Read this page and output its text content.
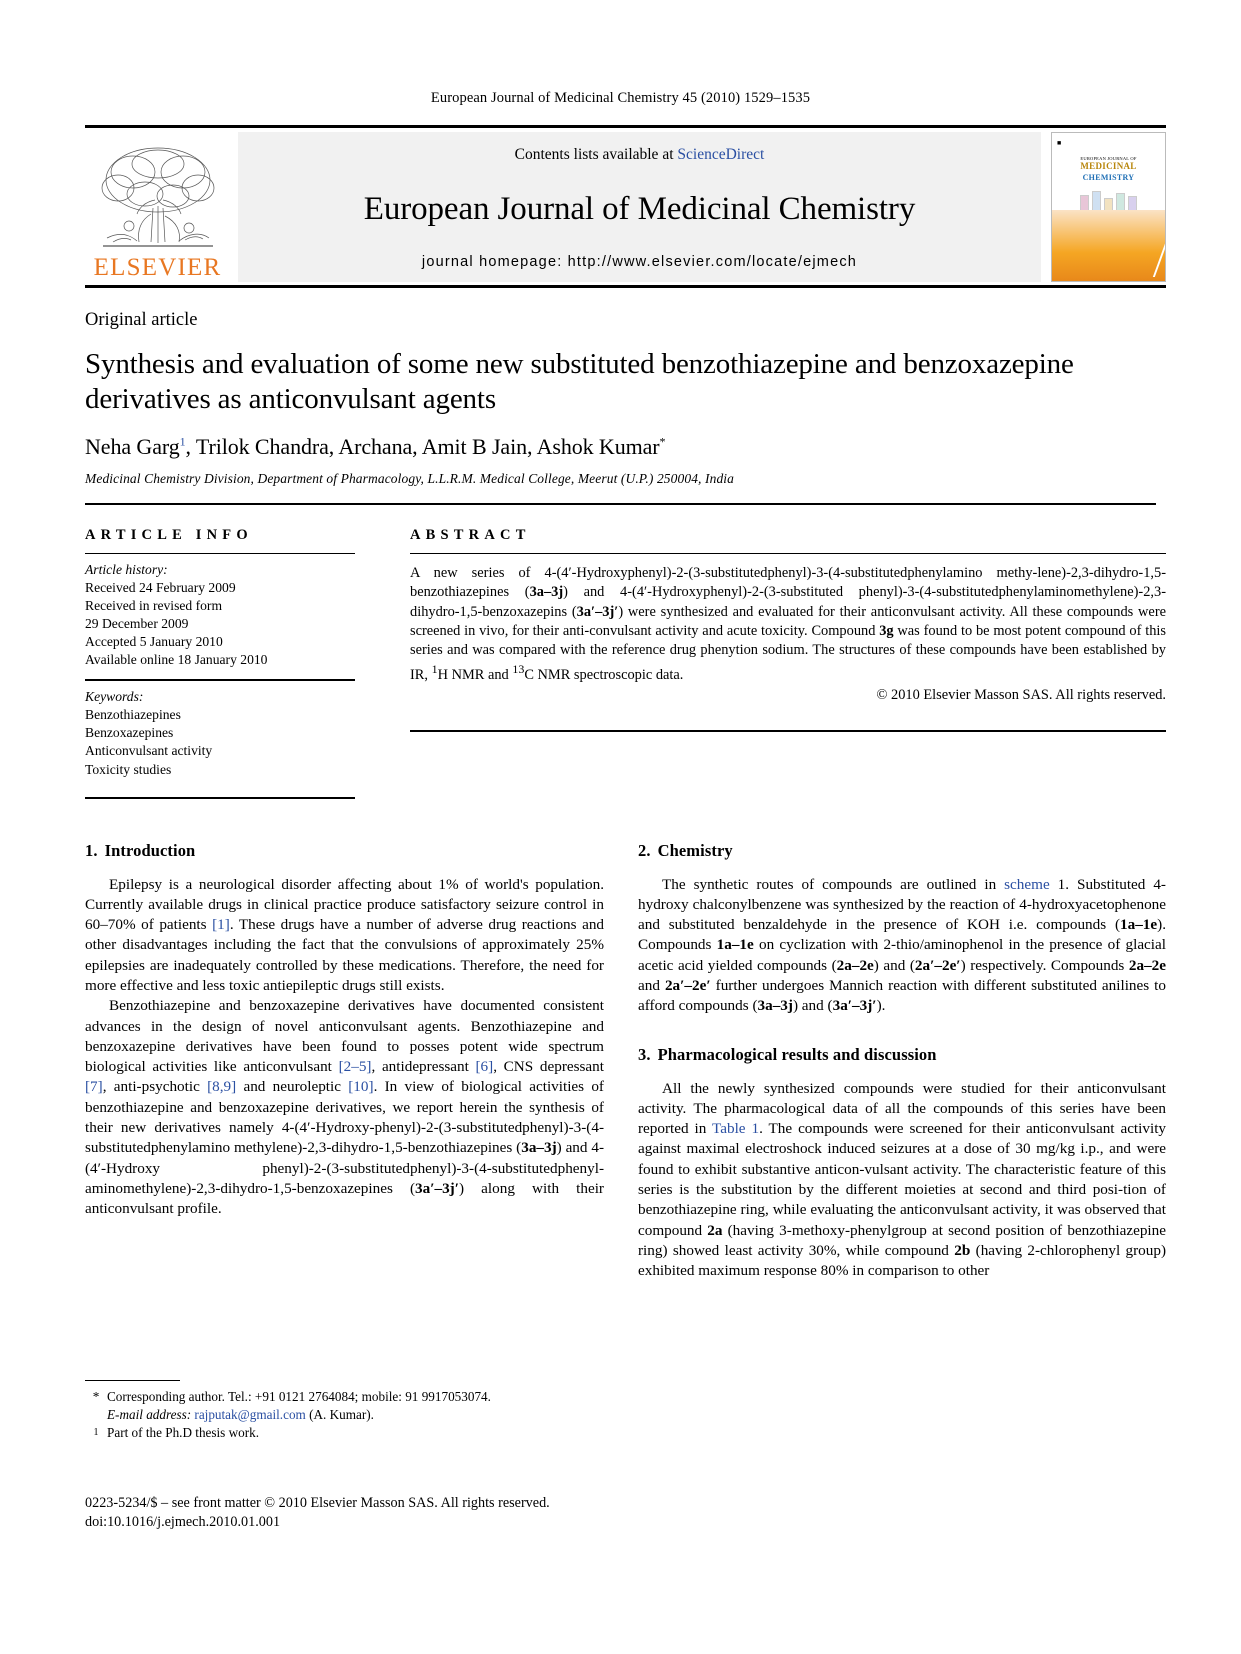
European Journal of Medicinal Chemistry 45 (2010) 1529–1535
ELSEVIER
Contents lists available at ScienceDirect
European Journal of Medicinal Chemistry
journal homepage: http://www.elsevier.com/locate/ejmech
■
EUROPEAN JOURNAL OF
MEDICINAL
CHEMISTRY
Original article
Synthesis and evaluation of some new substituted benzothiazepine and benzoxazepine derivatives as anticonvulsant agents
Neha Garg$^1$, Trilok Chandra, Archana, Amit B Jain, Ashok Kumar*
Medicinal Chemistry Division, Department of Pharmacology, L.L.R.M. Medical College, Meerut (U.P.) 250004, India
ARTICLE INFO
Article history:
Received 24 February 2009
Received in revised form
29 December 2009
Accepted 5 January 2010
Available online 18 January 2010
Keywords:
Benzothiazepines
Benzoxazepines
Anticonvulsant activity
Toxicity studies
ABSTRACT
A new series of 4-(4′-Hydroxyphenyl)-2-(3-substitutedphenyl)-3-(4-substitutedphenylamino methy-lene)-2,3-dihydro-1,5-benzothiazepines (3a–3j) and 4-(4′-Hydroxyphenyl)-2-(3-substituted phenyl)-3-(4-substitutedphenylaminomethylene)-2,3-dihydro-1,5-benzoxazepins (3a′–3j′) were synthesized and evaluated for their anticonvulsant activity. All these compounds were screened in vivo, for their anti-convulsant activity and acute toxicity. Compound 3g was found to be most potent compound of this series and was compared with the reference drug phenytion sodium. The structures of these compounds have been established by IR, $^1$H NMR and $^{13}$C NMR spectroscopic data.
© 2010 Elsevier Masson SAS. All rights reserved.
1. Introduction

Epilepsy is a neurological disorder affecting about 1% of world's population. Currently available drugs in clinical practice produce satisfactory seizure control in 60–70% of patients [1]. These drugs have a number of adverse drug reactions and other disadvantages including the fact that the convulsions of approximately 25% epilepsies are inadequately controlled by these medications. Therefore, the need for more effective and less toxic antiepileptic drugs still exists.

Benzothiazepine and benzoxazepine derivatives have documented consistent advances in the design of novel anticonvulsant agents. Benzothiazepine and benzoxazepine derivatives have been found to posses potent wide spectrum biological activities like anticonvulsant [2–5], antidepressant [6], CNS depressant [7], anti-psychotic [8,9] and neuroleptic [10]. In view of biological activities of benzothiazepine and benzoxazepine derivatives, we report herein the synthesis of their new derivatives namely 4-(4′-Hydroxy-phenyl)-2-(3-substitutedphenyl)-3-(4-substitutedphenylamino methylene)-2,3-dihydro-1,5-benzothiazepines (3a–3j) and 4-(4′-Hydroxy phenyl)-2-(3-substitutedphenyl)-3-(4-substitutedphenyl-aminomethylene)-2,3-dihydro-1,5-benzoxazepines (3a′–3j′) along with their anticonvulsant profile.

2. Chemistry

The synthetic routes of compounds are outlined in scheme 1. Substituted 4-hydroxy chalconylbenzene was synthesized by the reaction of 4-hydroxyacetophenone and substituted benzaldehyde in the presence of KOH i.e. compounds (1a–1e). Compounds 1a–1e on cyclization with 2-thio/aminophenol in the presence of glacial acetic acid yielded compounds (2a–2e) and (2a′–2e′) respectively. Compounds 2a–2e and 2a′–2e′ further undergoes Mannich reaction with different substituted anilines to afford compounds (3a–3j) and (3a′–3j′).

3. Pharmacological results and discussion

All the newly synthesized compounds were studied for their anticonvulsant activity. The pharmacological data of all the compounds of this series have been reported in Table 1. The compounds were screened for their anticonvulsant activity against maximal electroshock induced seizures at a dose of 30 mg/kg i.p., and were found to exhibit substantive anticon-vulsant activity. The characteristic feature of this series is the substitution by the different moieties at second and third posi-tion of benzothiazepine ring, while evaluating the anticonvulsant activity, it was observed that compound 2a (having 3-methoxy-phenylgroup at second position of benzothiazepine ring) showed least activity 30%, while compound 2b (having 2-chlorophenyl group) exhibited maximum response 80% in comparison to other

* Corresponding author. Tel.: +91 0121 2764084; mobile: 91 9917053074.
E-mail address: rajputak@gmail.com (A. Kumar).
1 Part of the Ph.D thesis work.
0223-5234/$ – see front matter © 2010 Elsevier Masson SAS. All rights reserved.
doi:10.1016/j.ejmech.2010.01.001
